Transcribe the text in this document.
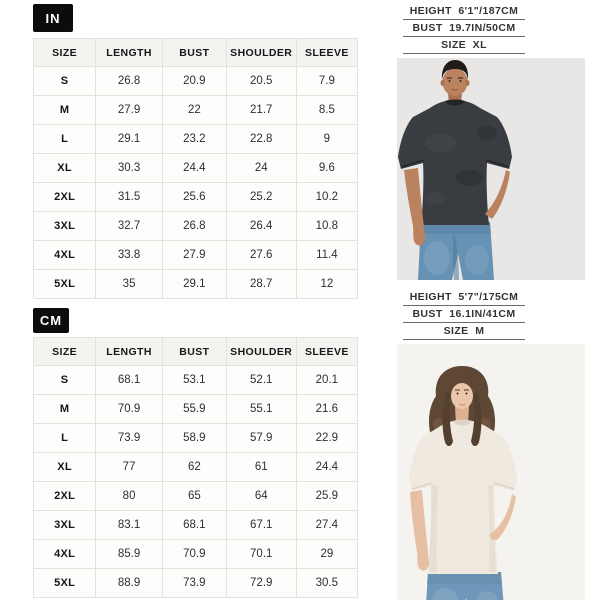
IN
SIZE	LENGTH	BUST	SHOULDER	SLEEVE
S	26.8	20.9	20.5	7.9
M	27.9	22	21.7	8.5
L	29.1	23.2	22.8	9
XL	30.3	24.4	24	9.6
2XL	31.5	25.6	25.2	10.2
3XL	32.7	26.8	26.4	10.8
4XL	33.8	27.9	27.6	11.4
5XL	35	29.1	28.7	12
CM
SIZE	LENGTH	BUST	SHOULDER	SLEEVE
S	68.1	53.1	52.1	20.1
M	70.9	55.9	55.1	21.6
L	73.9	58.9	57.9	22.9
XL	77	62	61	24.4
2XL	80	65	64	25.9
3XL	83.1	68.1	67.1	27.4
4XL	85.9	70.9	70.1	29
5XL	88.9	73.9	72.9	30.5
HEIGHT  6'1"/187CM
BUST  19.7IN/50CM
SIZE  XL
HEIGHT  5'7"/175CM
BUST  16.1IN/41CM
SIZE  M
